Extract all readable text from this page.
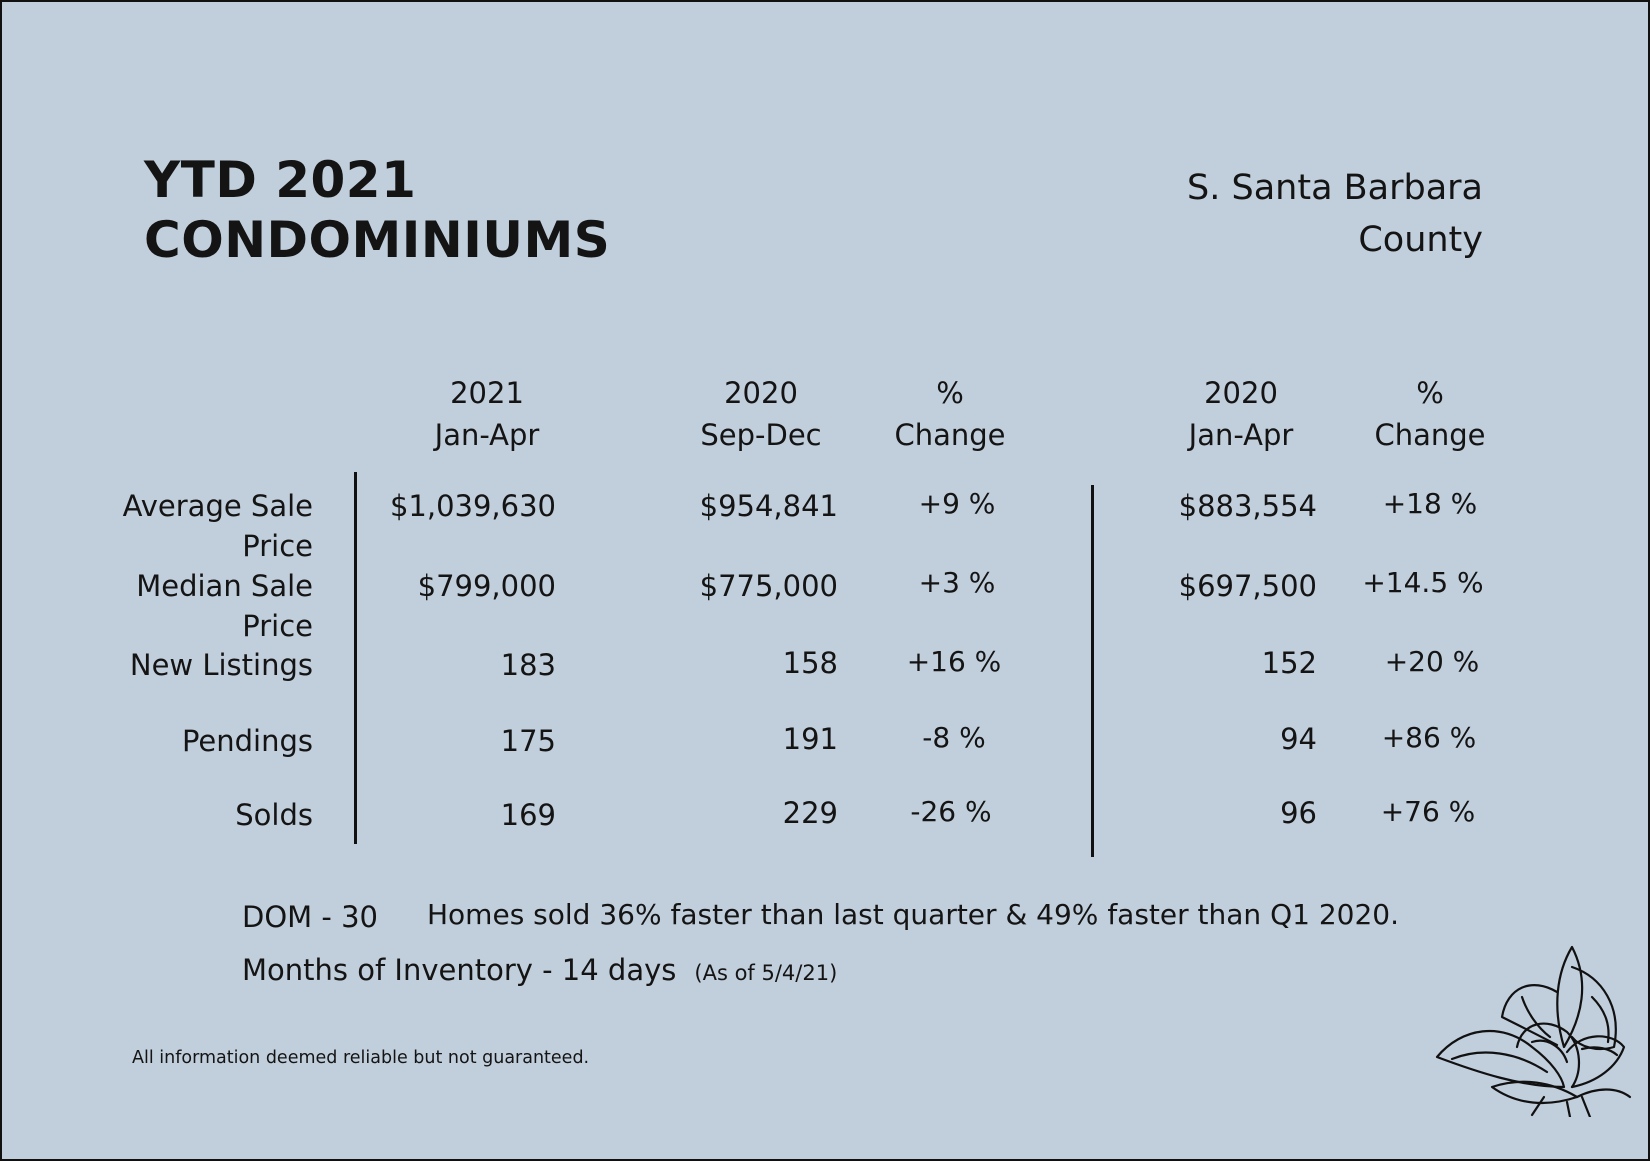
YTD 2021
CONDOMINIUMS
S. Santa Barbara
County
2021
Jan-Apr
2020
Sep-Dec
%
Change
2020
Jan-Apr
%
Change
Average Sale
Price
Median Sale
Price
New Listings
Pendings
Solds
$1,039,630
$799,000
183
175
169
$954,841
$775,000
158
191
229
+9 %
+3 %
+16 %
-8 %
-26 %
$883,554
$697,500
152
94
96
+18 %
+14.5 %
+20 %
+86 %
+76 %
DOM - 30 Homes sold 36% faster than last quarter & 49% faster than Q1 2020.
Months of Inventory - 14 days (As of 5/4/21)
All information deemed reliable but not guaranteed.
